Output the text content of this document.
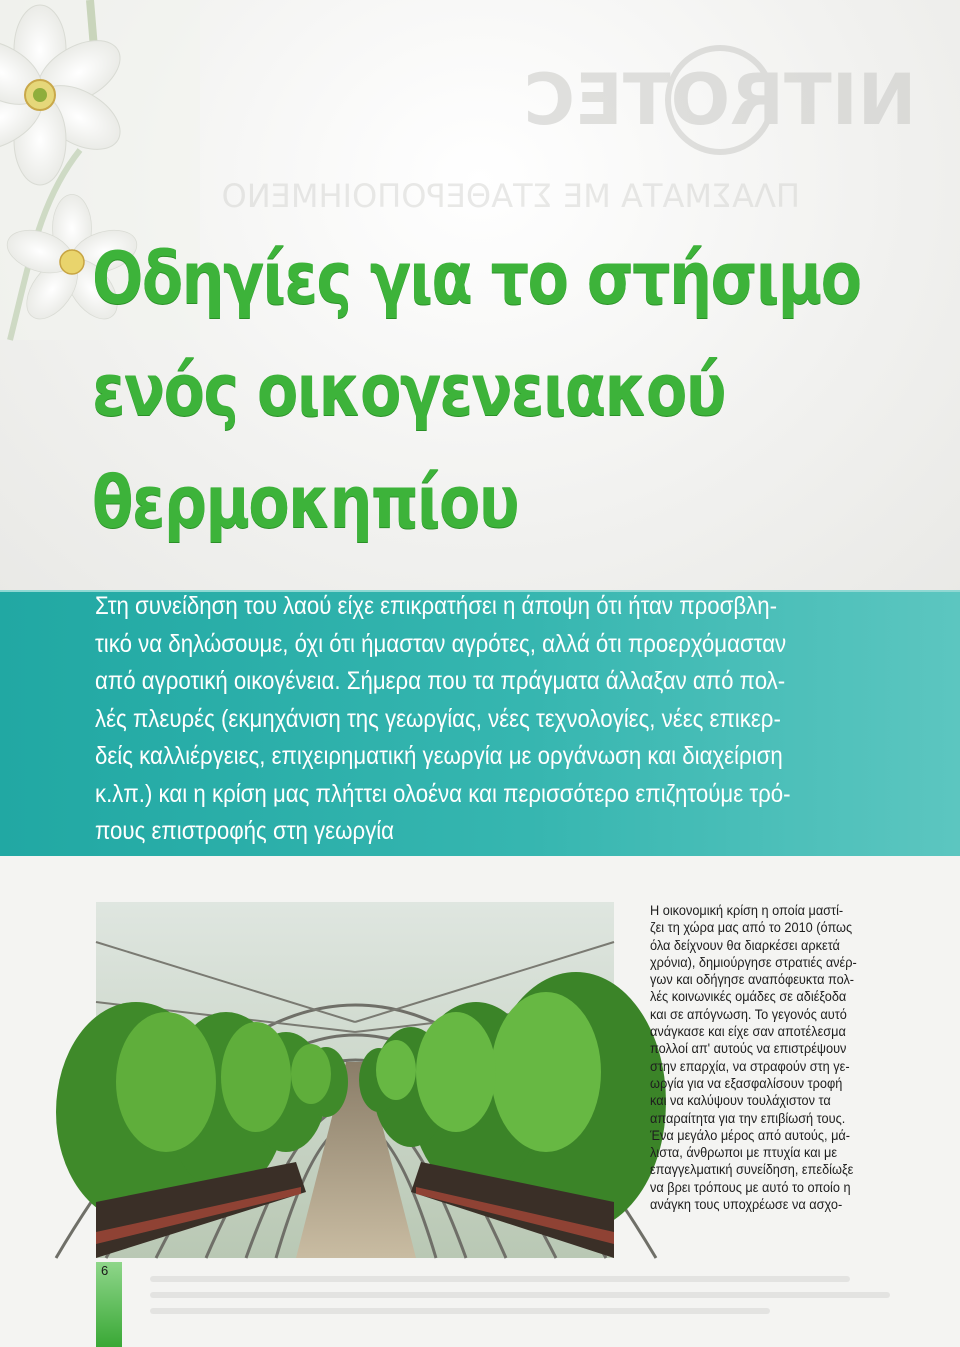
NITROTEC
ΠΛΑΣΜΑΤΑ ΜΕ ΣΤΑΘΕΡΟΠΟΙΗΜΕΝΟ
Οδηγίες για το στήσιμο
ενός οικογενειακού
θερμοκηπίου

Στη συνείδηση του λαού είχε επικρατήσει η άποψη ότι ήταν προσβλη-
τικό να δηλώσουμε, όχι ότι ήμασταν αγρότες, αλλά ότι προερχόμασταν
από αγροτική οικογένεια. Σήμερα που τα πράγματα άλλαξαν από πολ-
λές πλευρές (εκμηχάνιση της γεωργίας, νέες τεχνολογίες, νέες επικερ-
δείς καλλιέργειες, επιχειρηματική γεωργία με οργάνωση και διαχείριση
κ.λπ.) και η κρίση μας πλήττει ολοένα και περισσότερο επιζητούμε τρό-
πους επιστροφής στη γεωργία

Η οικονομική κρίση η οποία μαστί-
ζει τη χώρα μας από το 2010 (όπως
όλα δείχνουν θα διαρκέσει αρκετά
χρόνια), δημιούργησε στρατιές ανέρ-
γων και οδήγησε αναπόφευκτα πολ-
λές κοινωνικές ομάδες σε αδιέξοδα
και σε απόγνωση. Το γεγονός αυτό
ανάγκασε και είχε σαν αποτέλεσμα
πολλοί απ' αυτούς να επιστρέψουν
στην επαρχία, να στραφούν στη γε-
ωργία για να εξασφαλίσουν τροφή
και να καλύψουν τουλάχιστον τα
απαραίτητα για την επιβίωσή τους.
Ένα μεγάλο μέρος από αυτούς, μά-
λιστα, άνθρωποι με πτυχία και με
επαγγελματική συνείδηση, επεδίωξε
να βρει τρόπους με αυτό το οποίο η
ανάγκη τους υποχρέωσε να ασχο-

6
